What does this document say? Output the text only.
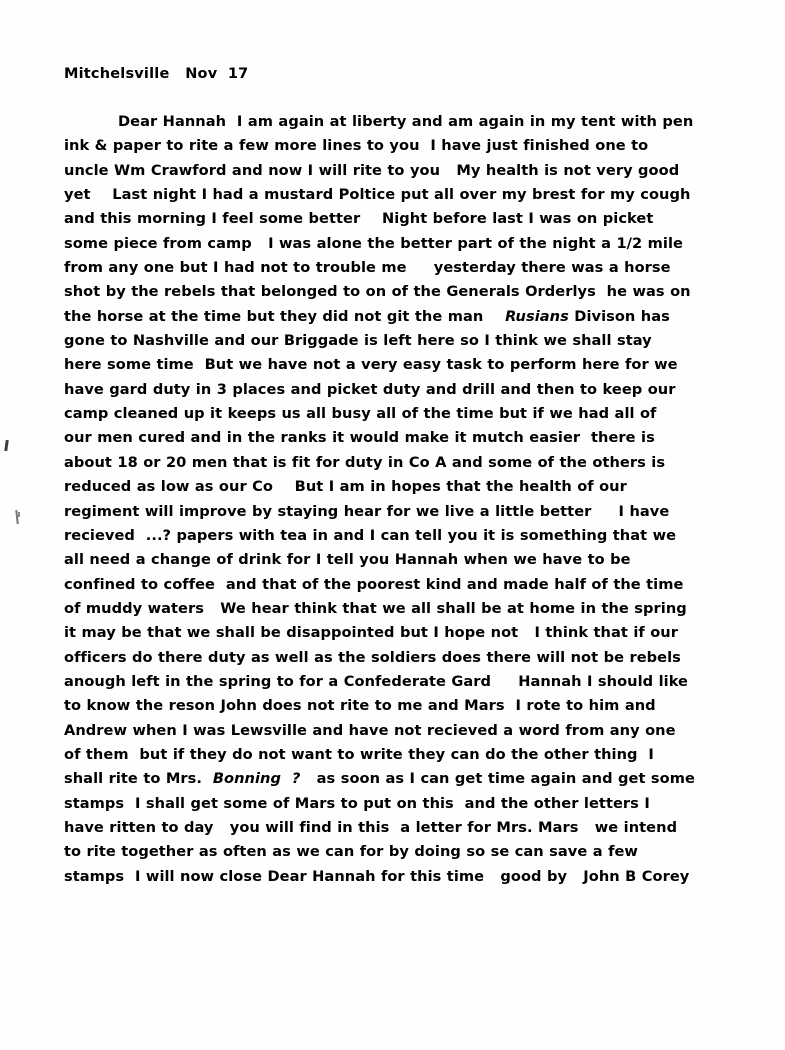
Mitchelsville   Nov  17
Dear Hannah  I am again at liberty and am again in my tent with pen
ink & paper to rite a few more lines to you  I have just finished one to
uncle Wm Crawford and now I will rite to you   My health is not very good
yet    Last night I had a mustard Poltice put all over my brest for my cough
and this morning I feel some better    Night before last I was on picket
some piece from camp   I was alone the better part of the night a 1/2 mile
from any one but I had not to trouble me     yesterday there was a horse
shot by the rebels that belonged to on of the Generals Orderlys  he was on
the horse at the time but they did not git the man    Rusians Divison has
gone to Nashville and our Briggade is left here so I think we shall stay
here some time  But we have not a very easy task to perform here for we
have gard duty in 3 places and picket duty and drill and then to keep our
camp cleaned up it keeps us all busy all of the time but if we had all of
our men cured and in the ranks it would make it mutch easier  there is
about 18 or 20 men that is fit for duty in Co A and some of the others is
reduced as low as our Co    But I am in hopes that the health of our
regiment will improve by staying hear for we live a little better     I have
recieved  ...? papers with tea in and I can tell you it is something that we
all need a change of drink for I tell you Hannah when we have to be
confined to coffee  and that of the poorest kind and made half of the time
of muddy waters   We hear think that we all shall be at home in the spring
it may be that we shall be disappointed but I hope not   I think that if our
officers do there duty as well as the soldiers does there will not be rebels
anough left in the spring to for a Confederate Gard     Hannah I should like
to know the reson John does not rite to me and Mars  I rote to him and
Andrew when I was Lewsville and have not recieved a word from any one
of them  but if they do not want to write they can do the other thing  I
shall rite to Mrs.  Bonning  ?   as soon as I can get time again and get some
stamps  I shall get some of Mars to put on this  and the other letters I
have ritten to day   you will find in this  a letter for Mrs. Mars   we intend
to rite together as often as we can for by doing so se can save a few
stamps  I will now close Dear Hannah for this time   good by   John B Corey
